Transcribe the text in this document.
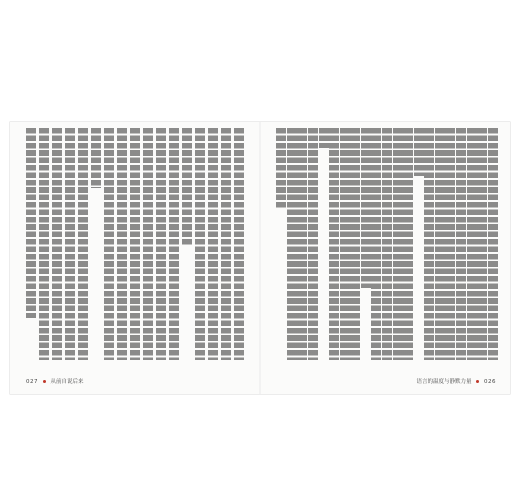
027 从前自说后来	语言的温度与静默力量 026
